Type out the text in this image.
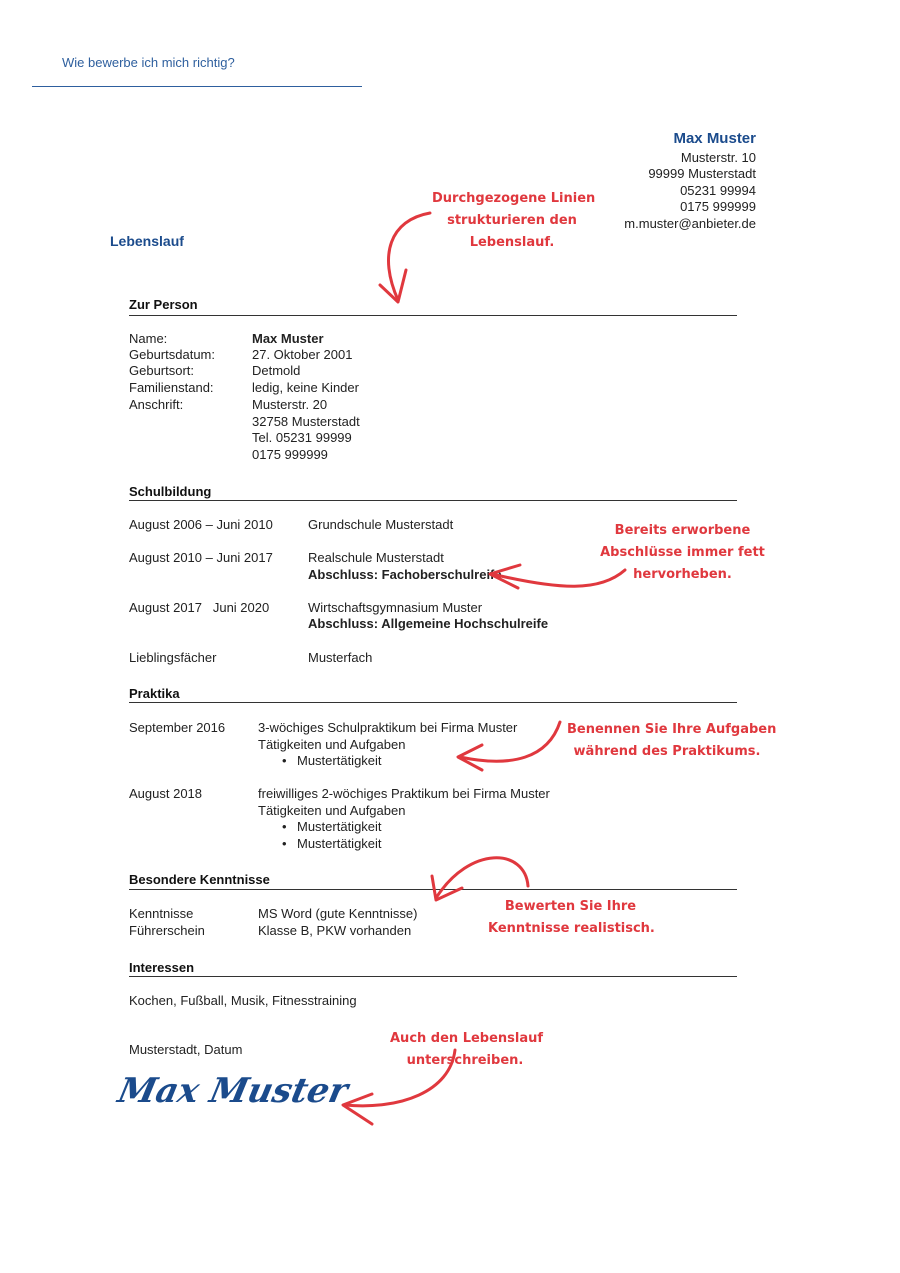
Wie bewerbe ich mich richtig?
Max Muster
Musterstr. 10
99999 Musterstadt
05231 99994
0175 999999
m.muster@anbieter.de
Lebenslauf
Zur Person
Name:	Max Muster
Geburtsdatum:	27. Oktober 2001
Geburtsort:	Detmold
Familienstand:	ledig, keine Kinder
Anschrift:	Musterstr. 20
32758 Musterstadt
Tel. 05231 99999
0175 999999
Schulbildung
August 2006 – Juni 2010	Grundschule Musterstadt
August 2010 – Juni 2017	Realschule Musterstadt
Abschluss: Fachoberschulreife
August 2017   Juni 2020	Wirtschaftsgymnasium Muster
Abschluss: Allgemeine Hochschulreife
Lieblingsfächer	Musterfach
Praktika
September 2016	3-wöchiges Schulpraktikum bei Firma Muster
Tätigkeiten und Aufgaben
• Mustertätigkeit
August 2018	freiwilliges 2-wöchiges Praktikum bei Firma Muster
Tätigkeiten und Aufgaben
• Mustertätigkeit
• Mustertätigkeit
Besondere Kenntnisse
Kenntnisse	MS Word (gute Kenntnisse)
Führerschein	Klasse B, PKW vorhanden
Interessen
Kochen, Fußball, Musik, Fitnesstraining
Musterstadt, Datum
Max Muster
Durchgezogene Linien
strukturieren den
Lebenslauf.
Bereits erworbene
Abschlüsse immer fett
hervorheben.
Benennen Sie Ihre Aufgaben
während des Praktikums.
Bewerten Sie Ihre
Kenntnisse realistisch.
Auch den Lebenslauf
unterschreiben.
